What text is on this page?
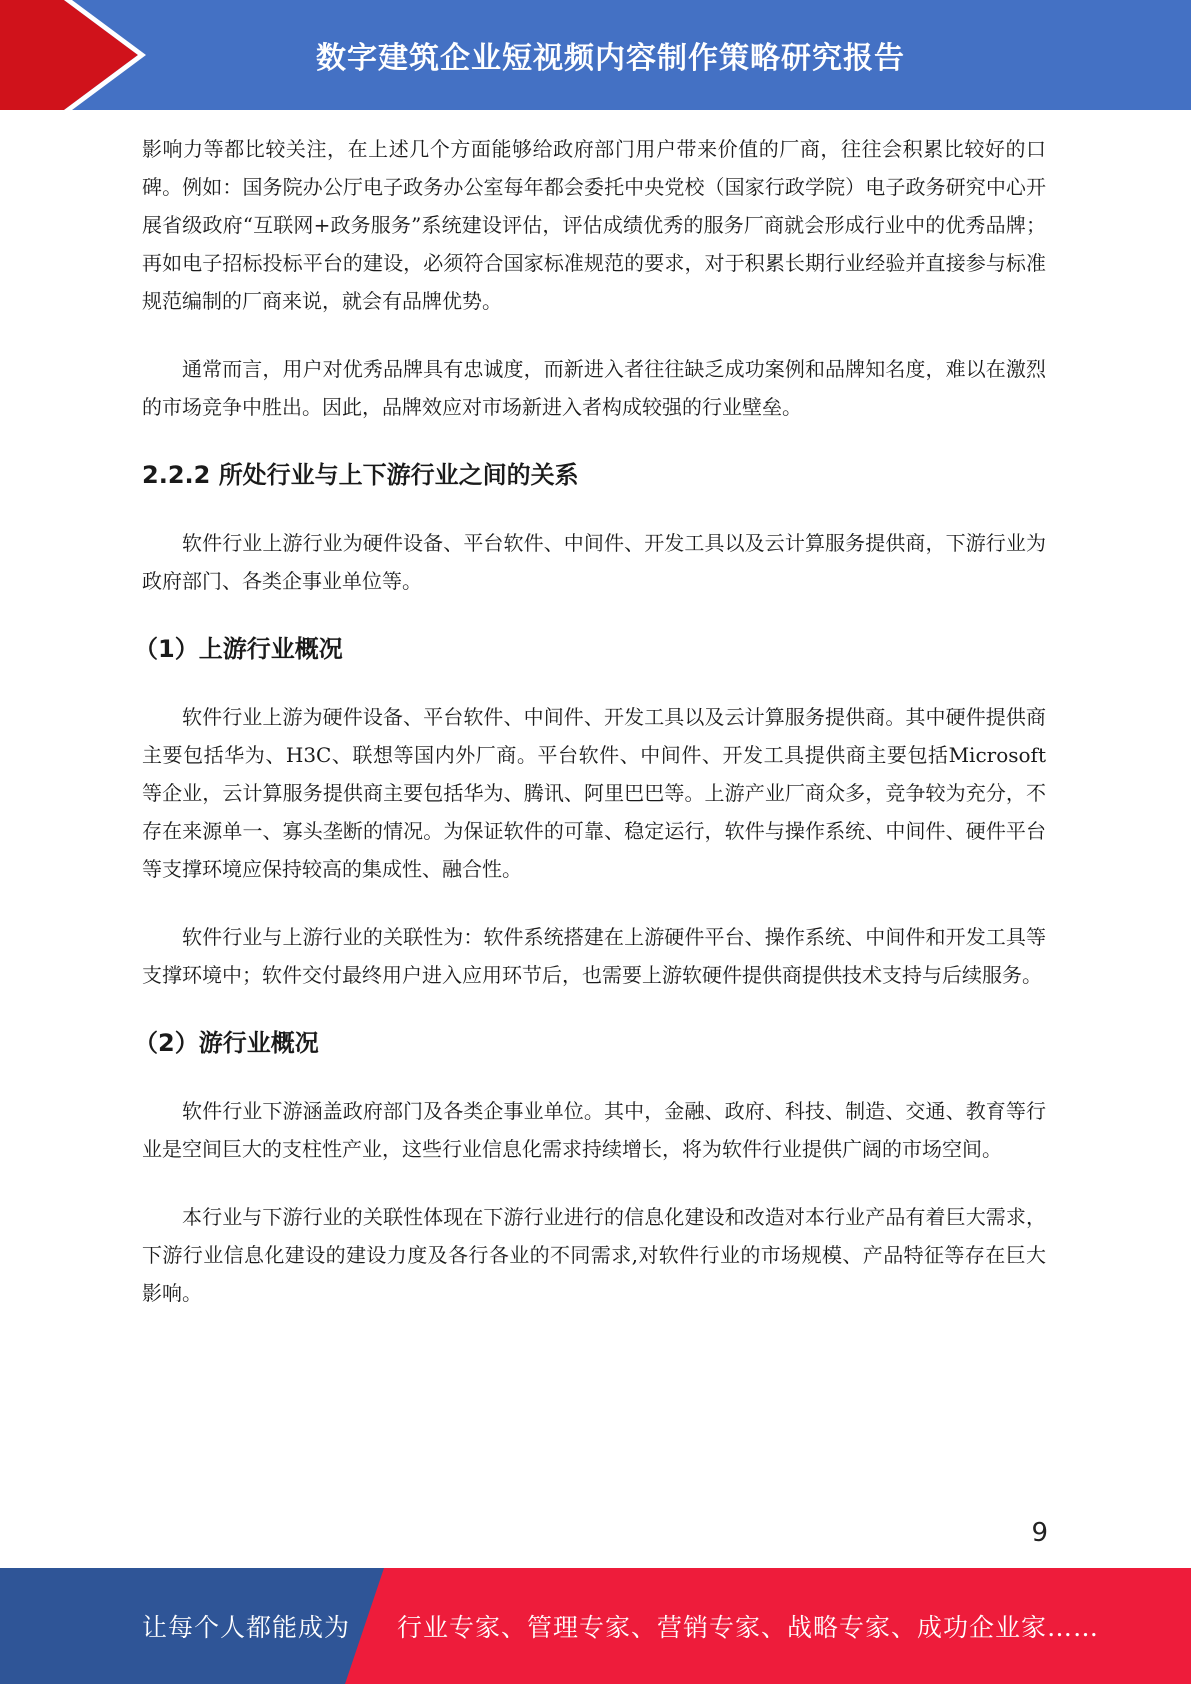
数字建筑企业短视频内容制作策略研究报告

影响力等都比较关注，在上述几个方面能够给政府部门用户带来价值的厂商，往往会积累比较好的口碑。例如：国务院办公厅电子政务办公室每年都会委托中央党校（国家行政学院）电子政务研究中心开展省级政府“互联网+政务服务”系统建设评估，评估成绩优秀的服务厂商就会形成行业中的优秀品牌；再如电子招标投标平台的建设，必须符合国家标准规范的要求，对于积累长期行业经验并直接参与标准规范编制的厂商来说，就会有品牌优势。

通常而言，用户对优秀品牌具有忠诚度，而新进入者往往缺乏成功案例和品牌知名度，难以在激烈的市场竞争中胜出。因此，品牌效应对市场新进入者构成较强的行业壁垒。

2.2.2 所处行业与上下游行业之间的关系

软件行业上游行业为硬件设备、平台软件、中间件、开发工具以及云计算服务提供商，下游行业为政府部门、各类企事业单位等。

（1）上游行业概况

软件行业上游为硬件设备、平台软件、中间件、开发工具以及云计算服务提供商。其中硬件提供商主要包括华为、H3C、联想等国内外厂商。平台软件、中间件、开发工具提供商主要包括Microsoft 等企业，云计算服务提供商主要包括华为、腾讯、阿里巴巴等。上游产业厂商众多，竞争较为充分，不存在来源单一、寡头垄断的情况。为保证软件的可靠、稳定运行，软件与操作系统、中间件、硬件平台等支撑环境应保持较高的集成性、融合性。

软件行业与上游行业的关联性为：软件系统搭建在上游硬件平台、操作系统、中间件和开发工具等支撑环境中；软件交付最终用户进入应用环节后，也需要上游软硬件提供商提供技术支持与后续服务。

（2）游行业概况

软件行业下游涵盖政府部门及各类企事业单位。其中，金融、政府、科技、制造、交通、教育等行业是空间巨大的支柱性产业，这些行业信息化需求持续增长，将为软件行业提供广阔的市场空间。

本行业与下游行业的关联性体现在下游行业进行的信息化建设和改造对本行业产品有着巨大需求，下游行业信息化建设的建设力度及各行各业的不同需求,对软件行业的市场规模、产品特征等存在巨大影响。

9
让每个人都能成为 行业专家、管理专家、营销专家、战略专家、成功企业家……
